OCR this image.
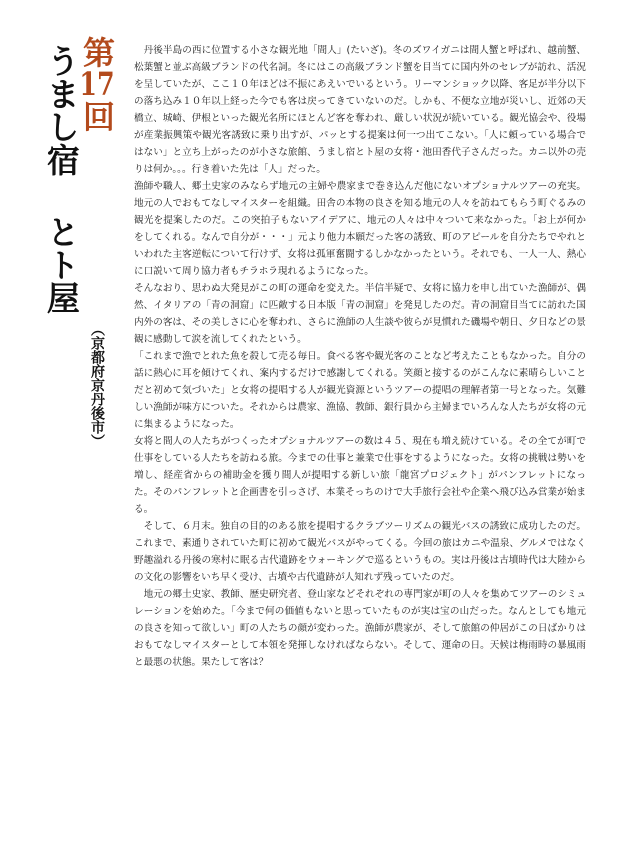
第17回
うまし宿 とト屋
（京都府京丹後市）

丹後半島の西に位置する小さな観光地「間人」(たいざ)。冬のズワイガニは間人蟹と呼ばれ、越前蟹、松葉蟹と並ぶ高級ブランドの代名詞。冬にはこの高級ブランド蟹を目当てに国内外のセレブが訪れ、活況を呈していたが、ここ１０年ほどは不振にあえいでいるという。リーマンショック以降、客足が半分以下の落ち込み１０年以上経った今でも客は戻ってきていないのだ。しかも、不便な立地が災いし、近郊の天橋立、城崎、伊根といった観光名所にほとんど客を奪われ、厳しい状況が続いている。観光協会や、役場が産業振興策や観光客誘致に乗り出すが、パッとする提案は何一つ出てこない。「人に頼っている場合ではない」と立ち上がったのが小さな旅館、うまし宿とト屋の女将・池田香代子さんだった。カニ以外の売りは何か。。。行き着いた先は「人」だった。

漁師や職人、郷土史家のみならず地元の主婦や農家まで巻き込んだ他にないオプショナルツアーの充実。地元の人でおもてなしマイスターを組織。田舎の本物の良さを知る地元の人々を訪ねてもらう町ぐるみの観光を提案したのだ。この突拍子もないアイデアに、地元の人々は中々ついて来なかった。「お上が何かをしてくれる。なんで自分が・・・」元より他力本願だった客の誘致、町のアピールを自分たちでやれといわれた主客逆転について行けず、女将は孤軍奮闘するしかなかったという。それでも、一人一人、熱心に口説いて周り協力者もチラホラ現れるようになった。

そんなおり、思わぬ大発見がこの町の運命を変えた。半信半疑で、女将に協力を申し出ていた漁師が、偶然、イタリアの「青の洞窟」に匹敵する日本版「青の洞窟」を発見したのだ。青の洞窟目当てに訪れた国内外の客は、その美しさに心を奪われ、さらに漁師の人生談や彼らが見慣れた磯場や朝日、夕日などの景観に感動して涙を流してくれたという。

「これまで漁でとれた魚を殺して売る毎日。食べる客や観光客のことなど考えたこともなかった。自分の話に熱心に耳を傾けてくれ、案内するだけで感謝してくれる。笑顔と接するのがこんなに素晴らしいことだと初めて気づいた」と女将の提唱する人が観光資源というツアーの提唱の理解者第一号となった。気難しい漁師が味方についた。それからは農家、漁協、教師、銀行員から主婦までいろんな人たちが女将の元に集まるようになった。

女将と間人の人たちがつくったオプショナルツアーの数は４５、現在も増え続けている。その全てが町で仕事をしている人たちを訪ねる旅。今までの仕事と兼業で仕事をするようになった。女将の挑戦は勢いを増し、経産省からの補助金を獲り間人が提唱する新しい旅「龍宮プロジェクト」がパンフレットになった。そのパンフレットと企画書を引っさげ、本業そっちのけで大手旅行会社や企業へ飛び込み営業が始まる。

そして、６月末。独自の目的のある旅を提唱するクラブツーリズムの観光バスの誘致に成功したのだ。これまで、素通りされていた町に初めて観光バスがやってくる。今回の旅はカニや温泉、グルメではなく野趣溢れる丹後の寒村に眠る古代遺跡をウォーキングで巡るというもの。実は丹後は古墳時代は大陸からの文化の影響をいち早く受け、古墳や古代遺跡が人知れず残っていたのだ。

地元の郷土史家、教師、歴史研究者、登山家などそれぞれの専門家が町の人々を集めてツアーのシミュレーションを始めた。「今まで何の価値もないと思っていたものが実は宝の山だった。なんとしても地元の良さを知って欲しい」町の人たちの顔が変わった。漁師が農家が、そして旅館の仲居がこの日ばかりはおもてなしマイスターとして本領を発揮しなければならない。そして、運命の日。天候は梅雨時の暴風雨と最悪の状態。果たして客は？
